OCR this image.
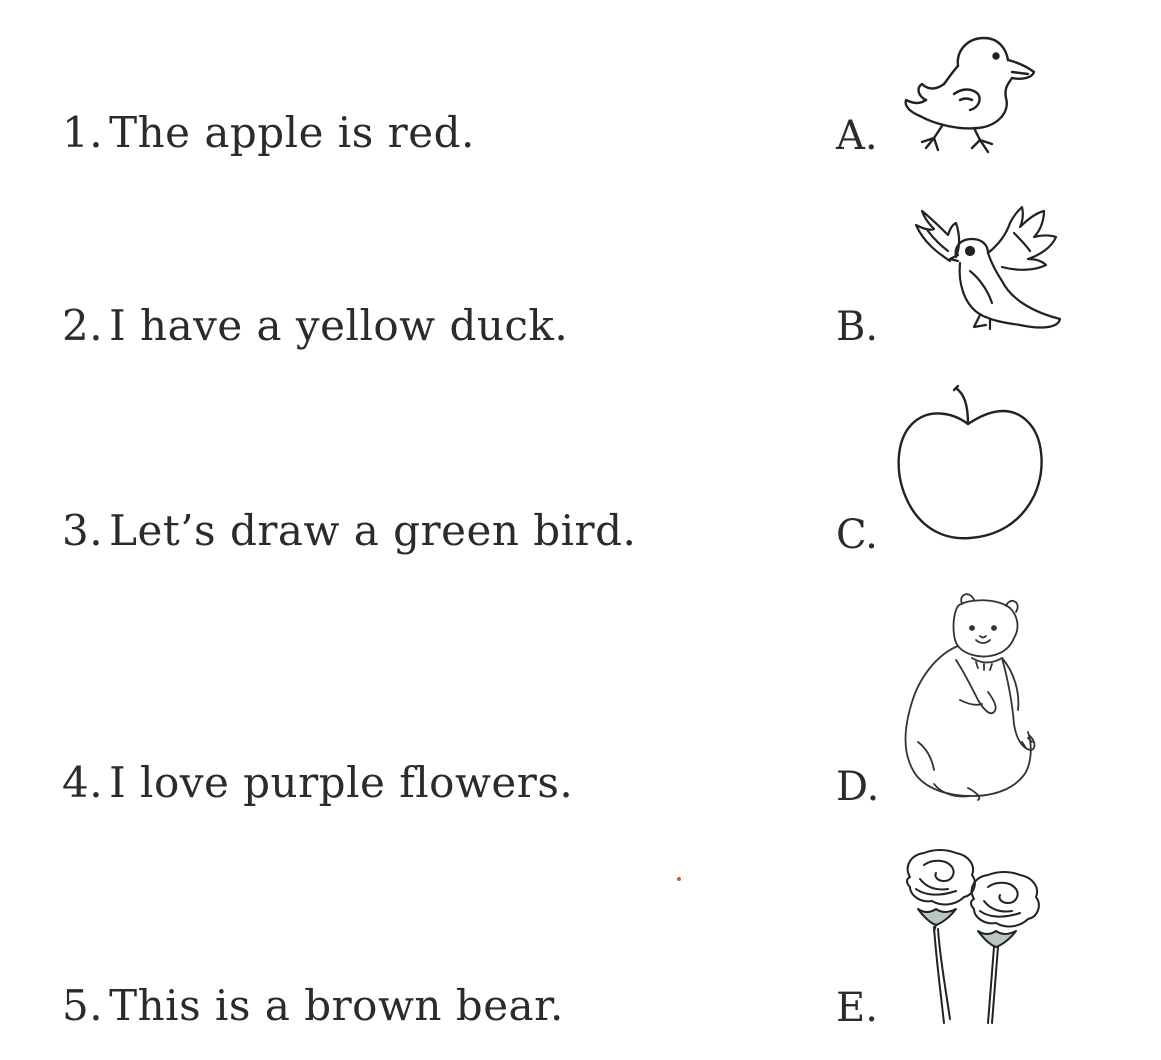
1. The apple is red.
2. I have a yellow duck.
3. Let’s draw a green bird.
4. I love purple flowers.
5. This is a brown bear.
A.
B.
C.
D.
E.
